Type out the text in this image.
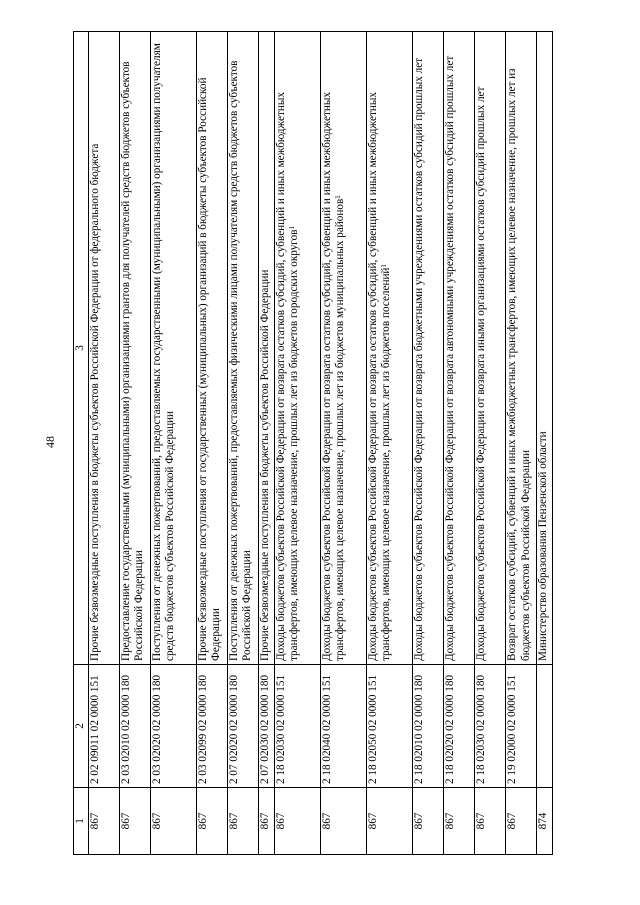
48
1	2	3
867	2 02 09011 02 0000 151	Прочие безвозмездные поступления в бюджеты субъектов Российской Федерации от федерального бюджета
867	2 03 02010 02 0000 180	Предоставление государственными (муниципальными) организациями грантов для получателей средств бюджетов субъектов Российской Федерации
867	2 03 02020 02 0000 180	Поступления от денежных пожертвований, предоставляемых государственными (муниципальными) организациями получателям средств бюджетов субъектов Российской Федерации
867	2 03 02099 02 0000 180	Прочие безвозмездные поступления от государственных (муниципальных) организаций в бюджеты субъектов Российской Федерации
867	2 07 02020 02 0000 180	Поступления от денежных пожертвований, предоставляемых физическими лицами получателям средств бюджетов субъектов Российской Федерации
867	2 07 02030 02 0000 180	Прочие безвозмездные поступления в бюджеты субъектов Российской Федерации
867	2 18 02030 02 0000 151	Доходы бюджетов субъектов Российской Федерации от возврата остатков субсидий, субвенций и иных межбюджетных трансфертов, имеющих целевое назначение, прошлых лет из бюджетов городских округов$^1$
867	2 18 02040 02 0000 151	Доходы бюджетов субъектов Российской Федерации от возврата остатков субсидий, субвенций и иных межбюджетных трансфертов, имеющих целевое назначение, прошлых лет из бюджетов муниципальных районов$^1$
867	2 18 02050 02 0000 151	Доходы бюджетов субъектов Российской Федерации от возврата остатков субсидий, субвенций и иных межбюджетных трансфертов, имеющих целевое назначение, прошлых лет из бюджетов поселений$^1$
867	2 18 02010 02 0000 180	Доходы бюджетов субъектов Российской Федерации от возврата бюджетными учреждениями остатков субсидий прошлых лет
867	2 18 02020 02 0000 180	Доходы бюджетов субъектов Российской Федерации от возврата автономными учреждениями остатков субсидий прошлых лет
867	2 18 02030 02 0000 180	Доходы бюджетов субъектов Российской Федерации от возврата иными организациями остатков субсидий прошлых лет
867	2 19 02000 02 0000 151	Возврат остатков субсидий, субвенций и иных межбюджетных трансфертов, имеющих целевое назначение, прошлых лет из бюджетов субъектов Российской Федерации
874		Министерство образования Пензенской области
